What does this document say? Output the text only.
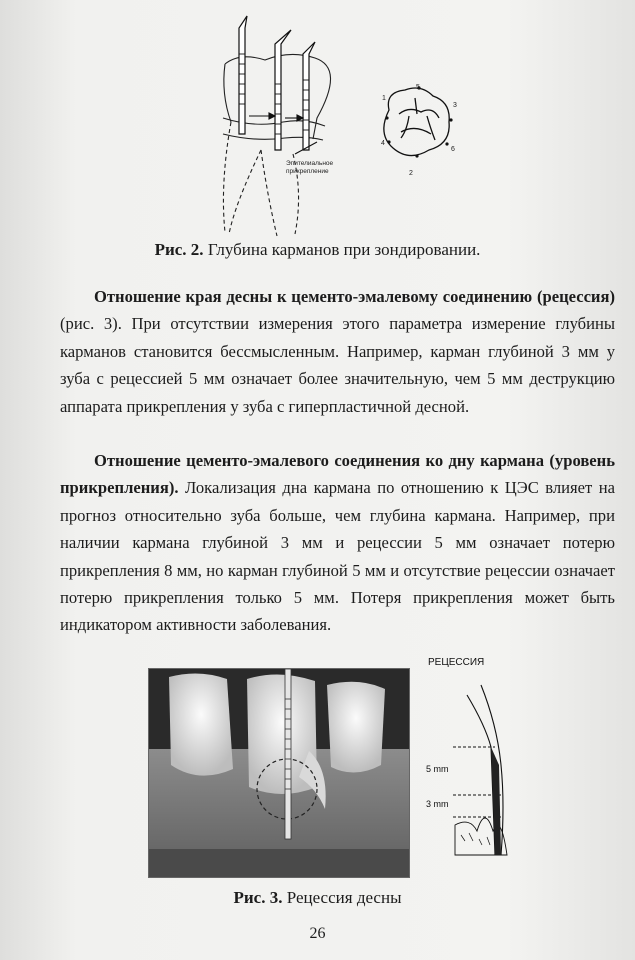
Эпителиальное прикрепление
1
2
3
4
5
6
Рис. 2. Глубина карманов при зондировании.
Отношение края десны к цементо-эмалевому соединению (рецессия) (рис. 3). При отсутствии измерения этого параметра измерение глубины карманов становится бессмысленным. Например, карман глубиной 3 мм у зуба с рецессией 5 мм означает более значительную, чем 5 мм деструкцию аппарата прикрепления у зуба с гиперпластичной десной.
Отношение цементо-эмалевого соединения ко дну кармана (уровень прикрепления). Локализация дна кармана по отношению к ЦЭС влияет на прогноз относительно зуба больше, чем глубина кармана. Например, при наличии кармана глубиной 3 мм и рецессии 5 мм означает потерю прикрепления 8 мм, но карман глубиной 5 мм и отсутствие рецессии означает потерю прикрепления только 5 мм. Потеря прикрепления может быть индикатором активности заболевания.
РЕЦЕССИЯ
5 mm
3 mm
Рис. 3. Рецессия десны
26
